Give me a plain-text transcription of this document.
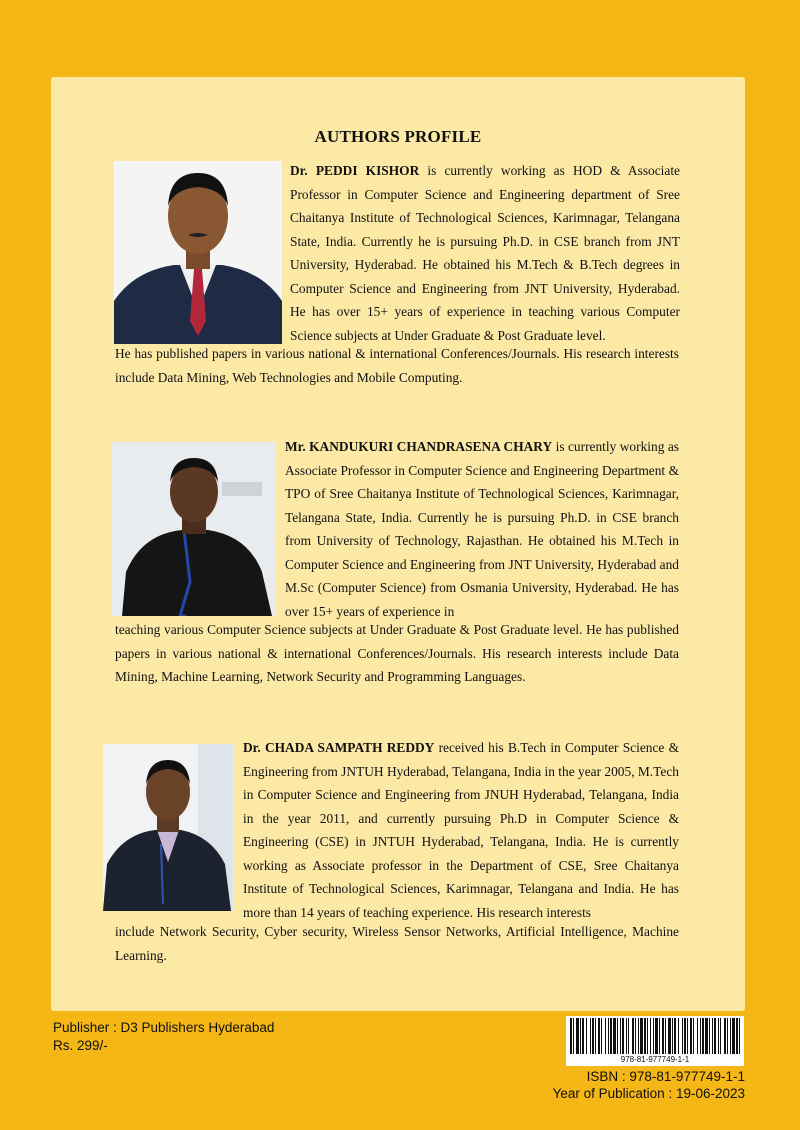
AUTHORS PROFILE
Dr. PEDDI KISHOR is currently working as HOD & Associate Professor in Computer Science and Engineering department of Sree Chaitanya Institute of Technological Sciences, Karimnagar, Telangana State, India. Currently he is pursuing Ph.D. in CSE branch from JNT University, Hyderabad. He obtained his M.Tech & B.Tech degrees in Computer Science and Engineering from JNT University, Hyderabad. He has over 15+ years of experience in teaching various Computer Science subjects at Under Graduate & Post Graduate level.
He has published papers in various national & international Conferences/Journals. His research interests include Data Mining, Web Technologies and Mobile Computing.
Mr. KANDUKURI CHANDRASENA CHARY is currently working as Associate Professor in Computer Science and Engineering Department & TPO of Sree Chaitanya Institute of Technological Sciences, Karimnagar, Telangana State, India. Currently he is pursuing Ph.D. in CSE branch from University of Technology, Rajasthan. He obtained his M.Tech in Computer Science and Engineering from JNT University, Hyderabad and M.Sc (Computer Science) from Osmania University, Hyderabad. He has over 15+ years of experience in
teaching various Computer Science subjects at Under Graduate & Post Graduate level. He has published papers in various national & international Conferences/Journals. His research interests include Data Mining, Machine Learning, Network Security and Programming Languages.
Dr. CHADA SAMPATH REDDY received his B.Tech in Computer Science & Engineering from JNTUH Hyderabad, Telangana, India in the year 2005, M.Tech in Computer Science and Engineering from JNUH Hyderabad, Telangana, India in the year 2011, and currently pursuing Ph.D in Computer Science & Engineering (CSE) in JNTUH Hyderabad, Telangana, India. He is currently working as Associate professor in the Department of CSE, Sree Chaitanya Institute of Technological Sciences, Karimnagar, Telangana and India. He has more than 14 years of teaching experience. His research interests
include Network Security, Cyber security, Wireless Sensor Networks, Artificial Intelligence, Machine Learning.
Publisher : D3 Publishers Hyderabad
Rs. 299/-
978-81-977749-1-1
ISBN : 978-81-977749-1-1
Year of Publication : 19-06-2023
